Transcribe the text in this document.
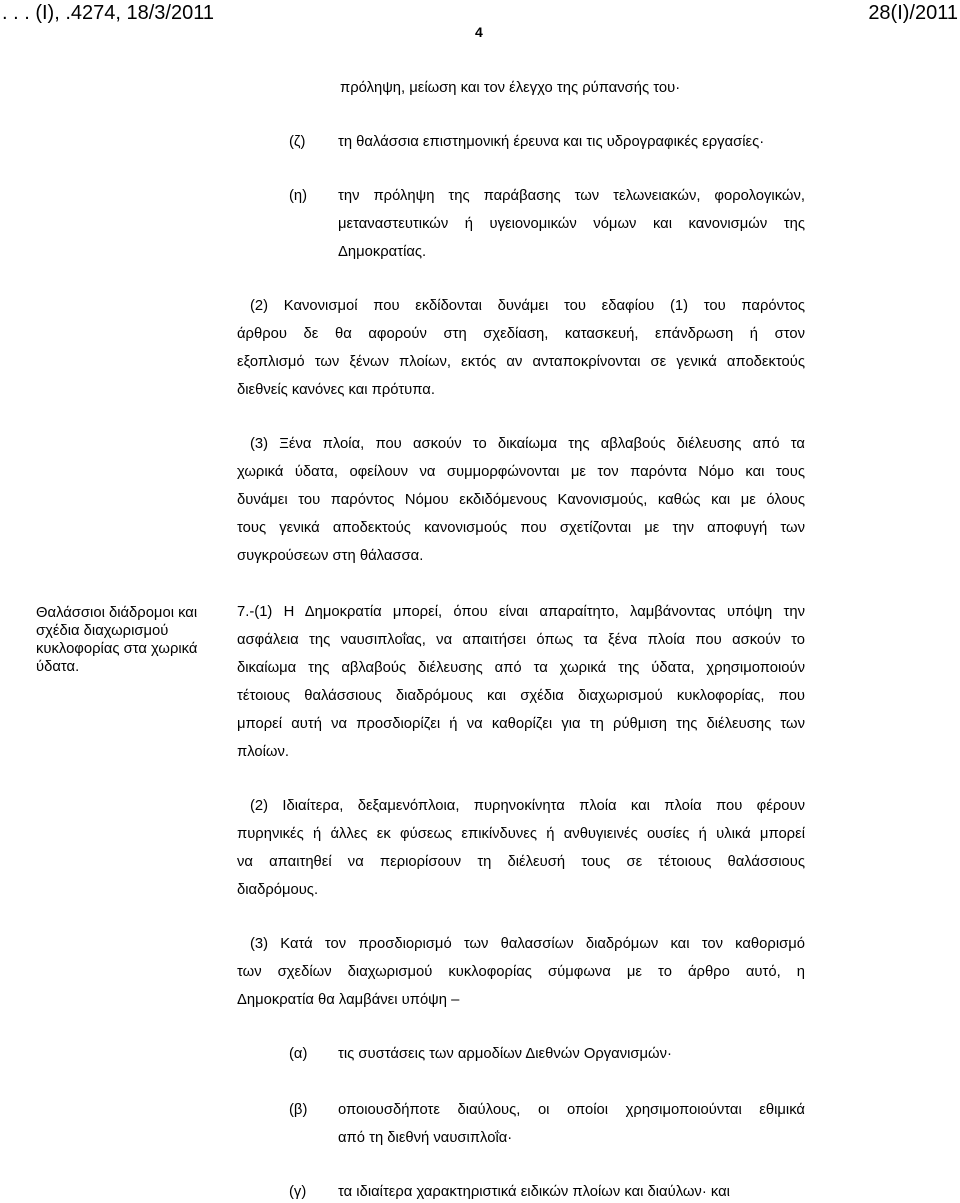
. . . (Ι), .4274, 18/3/2011	28(Ι)/2011
4
πρόληψη, μείωση και τον έλεγχο της ρύπανσής του·
(ζ) τη θαλάσσια επιστημονική έρευνα και τις υδρογραφικές εργασίες·
(η) την πρόληψη της παράβασης των τελωνειακών, φορολογικών,
μεταναστευτικών ή υγειονομικών νόμων και κανονισμών της
Δημοκρατίας.
(2) Κανονισμοί που εκδίδονται δυνάμει του εδαφίου (1) του παρόντος
άρθρου δε θα αφορούν στη σχεδίαση, κατασκευή, επάνδρωση ή στον
εξοπλισμό των ξένων πλοίων, εκτός αν ανταποκρίνονται σε γενικά αποδεκτούς
διεθνείς κανόνες και πρότυπα.
(3) Ξένα πλοία, που ασκούν το δικαίωμα της αβλαβούς διέλευσης από τα
χωρικά ύδατα, οφείλουν να συμμορφώνονται με τον παρόντα Νόμο και τους
δυνάμει του παρόντος Νόμου εκδιδόμενους Κανονισμούς, καθώς και με όλους
τους γενικά αποδεκτούς κανονισμούς που σχετίζονται με την αποφυγή των
συγκρούσεων στη θάλασσα.
Θαλάσσιοι διάδρομοι και σχέδια διαχωρισμού κυκλοφορίας στα χωρικά ύδατα.
7.-(1) Η Δημοκρατία μπορεί, όπου είναι απαραίτητο, λαμβάνοντας υπόψη την
ασφάλεια της ναυσιπλοΐας, να απαιτήσει όπως τα ξένα πλοία που ασκούν το
δικαίωμα της αβλαβούς διέλευσης από τα χωρικά της ύδατα, χρησιμοποιούν
τέτοιους θαλάσσιους διαδρόμους και σχέδια διαχωρισμού κυκλοφορίας, που
μπορεί αυτή να προσδιορίζει ή να καθορίζει για τη ρύθμιση της διέλευσης των
πλοίων.
(2) Ιδιαίτερα, δεξαμενόπλοια, πυρηνοκίνητα πλοία και πλοία που φέρουν
πυρηνικές ή άλλες εκ φύσεως επικίνδυνες ή ανθυγιεινές ουσίες ή υλικά μπορεί
να απαιτηθεί να περιορίσουν τη διέλευσή τους σε τέτοιους θαλάσσιους
διαδρόμους.
(3) Κατά τον προσδιορισμό των θαλασσίων διαδρόμων και τον καθορισμό
των σχεδίων διαχωρισμού κυκλοφορίας σύμφωνα με το άρθρο αυτό, η
Δημοκρατία θα λαμβάνει υπόψη –
(α) τις συστάσεις των αρμοδίων Διεθνών Οργανισμών·
(β) οποιουσδήποτε διαύλους, οι οποίοι χρησιμοποιούνται εθιμικά
από τη διεθνή ναυσιπλοΐα·
(γ) τα ιδιαίτερα χαρακτηριστικά ειδικών πλοίων και διαύλων· και
